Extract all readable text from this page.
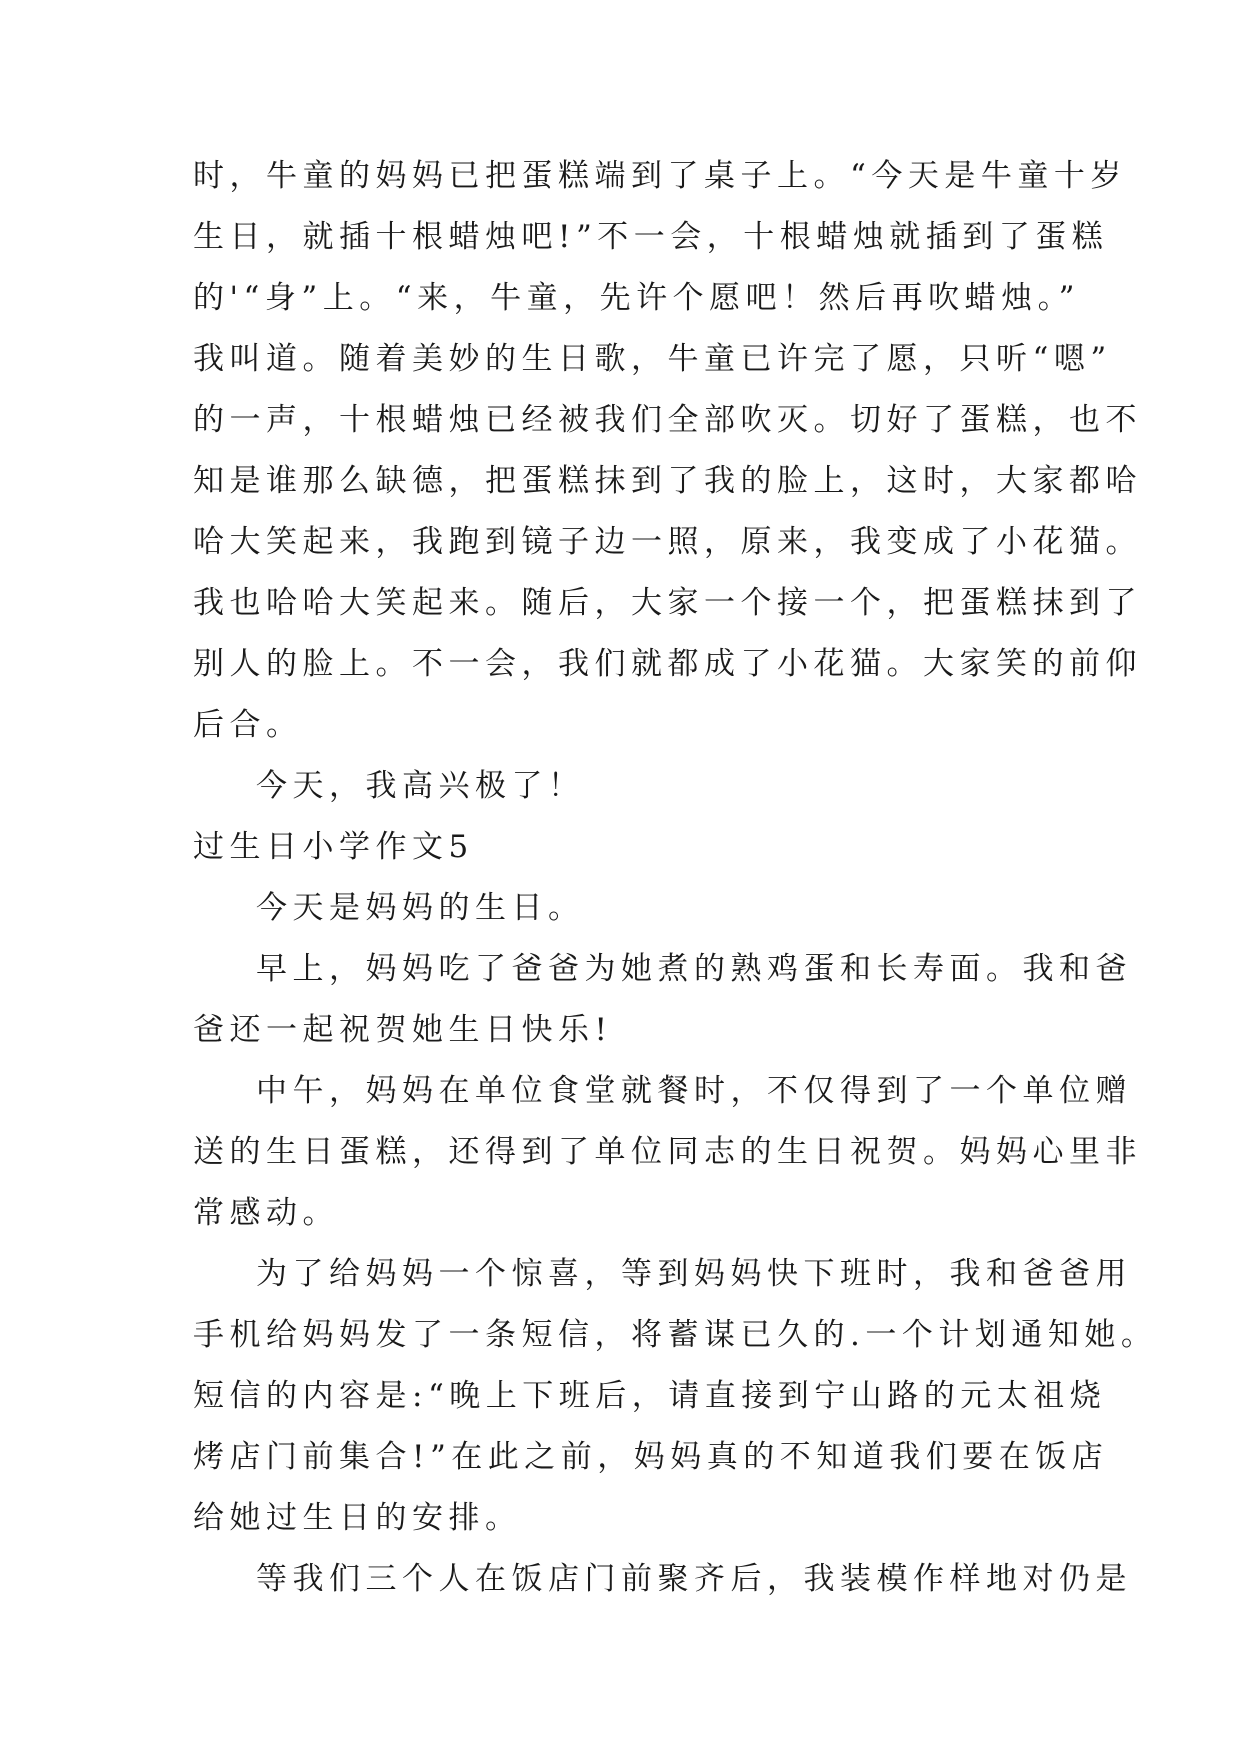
时，牛童的妈妈已把蛋糕端到了桌子上。“今天是牛童十岁
生日，就插十根蜡烛吧!”不一会，十根蜡烛就插到了蛋糕
的'“身”上。“来，牛童，先许个愿吧！然后再吹蜡烛。”
我叫道。随着美妙的生日歌，牛童已许完了愿，只听“嗯”
的一声，十根蜡烛已经被我们全部吹灭。切好了蛋糕，也不
知是谁那么缺德，把蛋糕抹到了我的脸上，这时，大家都哈
哈大笑起来，我跑到镜子边一照，原来，我变成了小花猫。
我也哈哈大笑起来。随后，大家一个接一个，把蛋糕抹到了
别人的脸上。不一会，我们就都成了小花猫。大家笑的前仰
后合。
今天，我高兴极了！
过生日小学作文5
今天是妈妈的生日。
早上，妈妈吃了爸爸为她煮的熟鸡蛋和长寿面。我和爸
爸还一起祝贺她生日快乐!
中午，妈妈在单位食堂就餐时，不仅得到了一个单位赠
送的生日蛋糕，还得到了单位同志的生日祝贺。妈妈心里非
常感动。
为了给妈妈一个惊喜，等到妈妈快下班时，我和爸爸用
手机给妈妈发了一条短信，将蓄谋已久的.一个计划通知她。
短信的内容是:“晚上下班后，请直接到宁山路的元太祖烧
烤店门前集合!”在此之前，妈妈真的不知道我们要在饭店
给她过生日的安排。
等我们三个人在饭店门前聚齐后，我装模作样地对仍是
